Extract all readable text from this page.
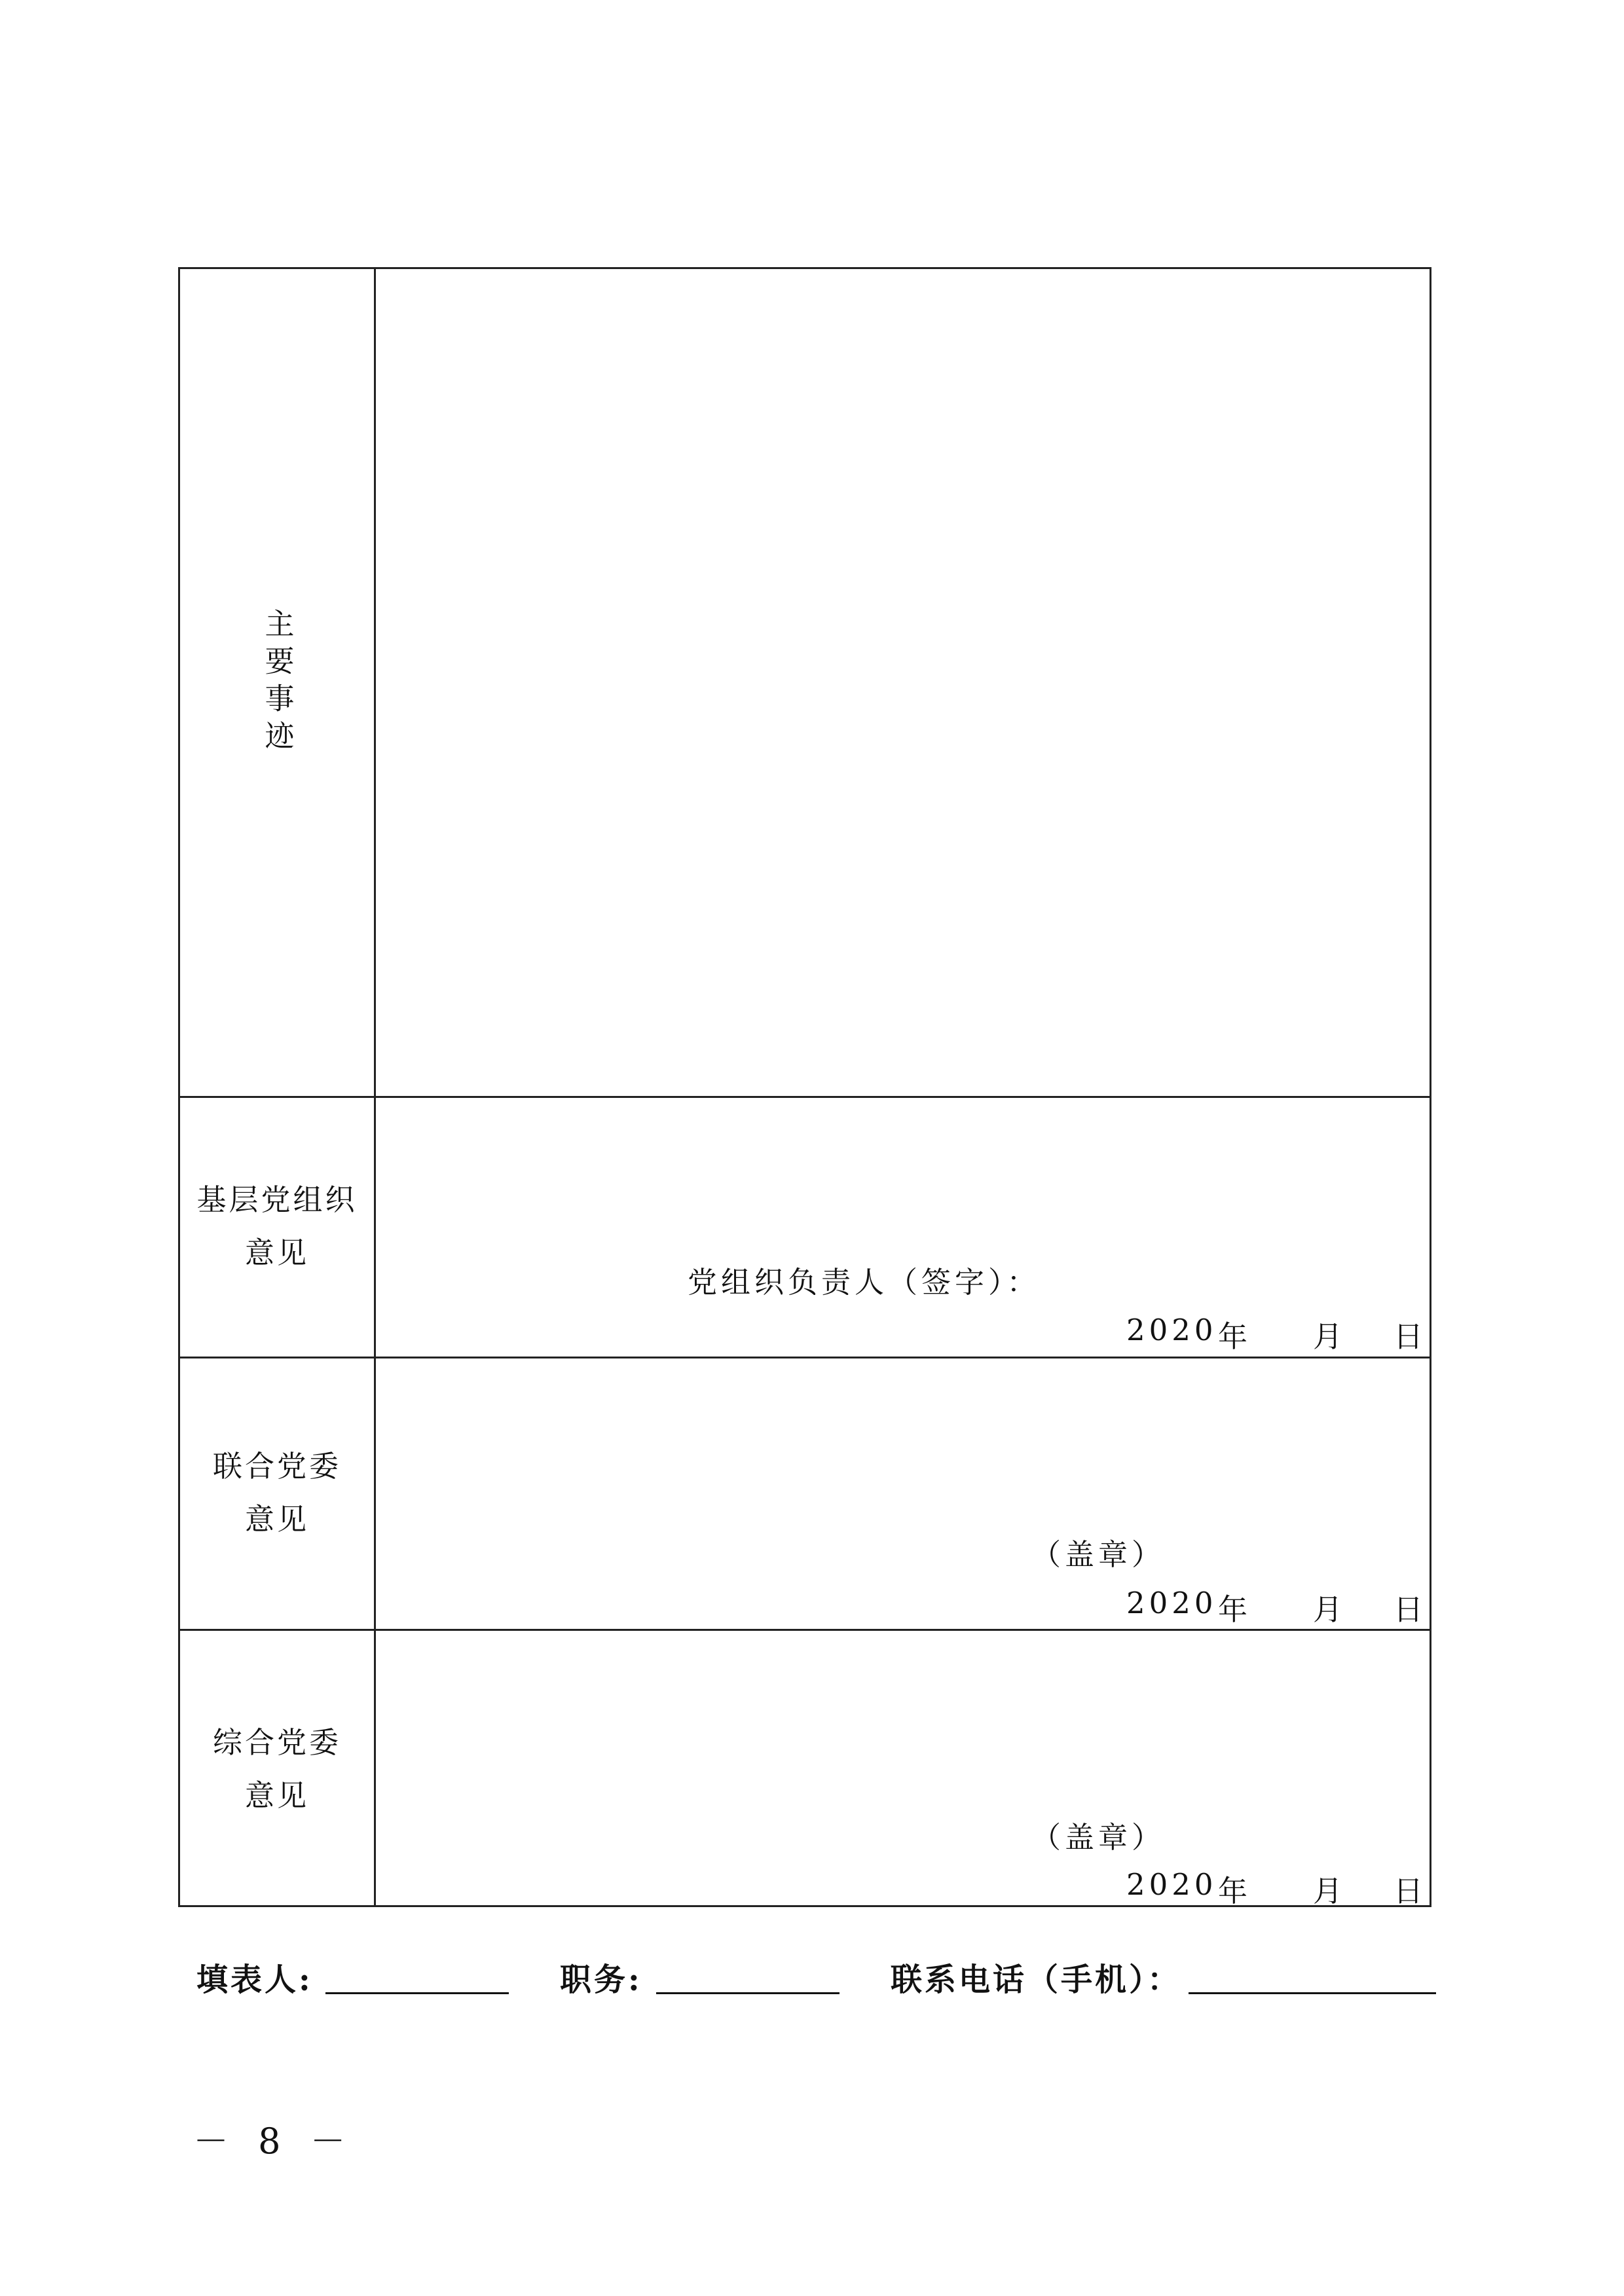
主要事迹
基层党组织
意见
联合党委
意见
综合党委
意见
党组织负责人（签字）：
（盖章）
（盖章）
2020 年 月 日
2020 年 月 日
2020 年 月 日
填表人:	职务:	联系电话（手机）：
－ 8 －
